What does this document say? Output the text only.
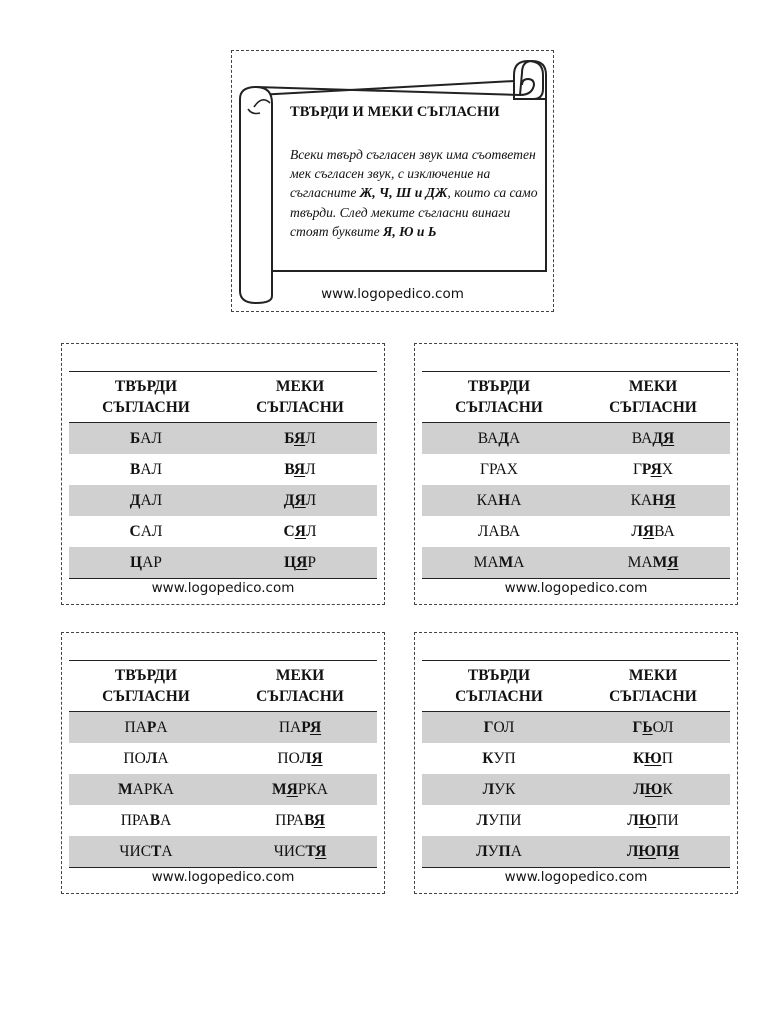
ТВЪРДИ И МЕКИ СЪГЛАСНИ
Всеки твърд съгласен звук има съответен мек съгласен звук, с изключение на съгласните Ж, Ч, Ш и ДЖ, които са само твърди. След меките съгласни винаги стоят буквите Я, Ю и Ь
www.logopedico.com
ТВЪРДИ
СЪГЛАСНИ
МЕКИ
СЪГЛАСНИ
БАЛ	БЯЛ
ВАЛ	ВЯЛ
ДАЛ	ДЯЛ
САЛ	СЯЛ
ЦАР	ЦЯР
www.logopedico.com
ТВЪРДИ
СЪГЛАСНИ
МЕКИ
СЪГЛАСНИ
ВАДА	ВАДЯ
ГРАХ	ГРЯХ
КАНА	КАНЯ
ЛАВА	ЛЯВА
МАМА	МАМЯ
www.logopedico.com
ТВЪРДИ
СЪГЛАСНИ
МЕКИ
СЪГЛАСНИ
ПАРА	ПАРЯ
ПОЛА	ПОЛЯ
МАРКА	МЯРКА
ПРАВА	ПРАВЯ
ЧИСТА	ЧИСТЯ
www.logopedico.com
ТВЪРДИ
СЪГЛАСНИ
МЕКИ
СЪГЛАСНИ
ГОЛ	ГЬОЛ
КУП	КЮП
ЛУК	ЛЮК
ЛУПИ	ЛЮПИ
ЛУПА	ЛЮПЯ
www.logopedico.com
